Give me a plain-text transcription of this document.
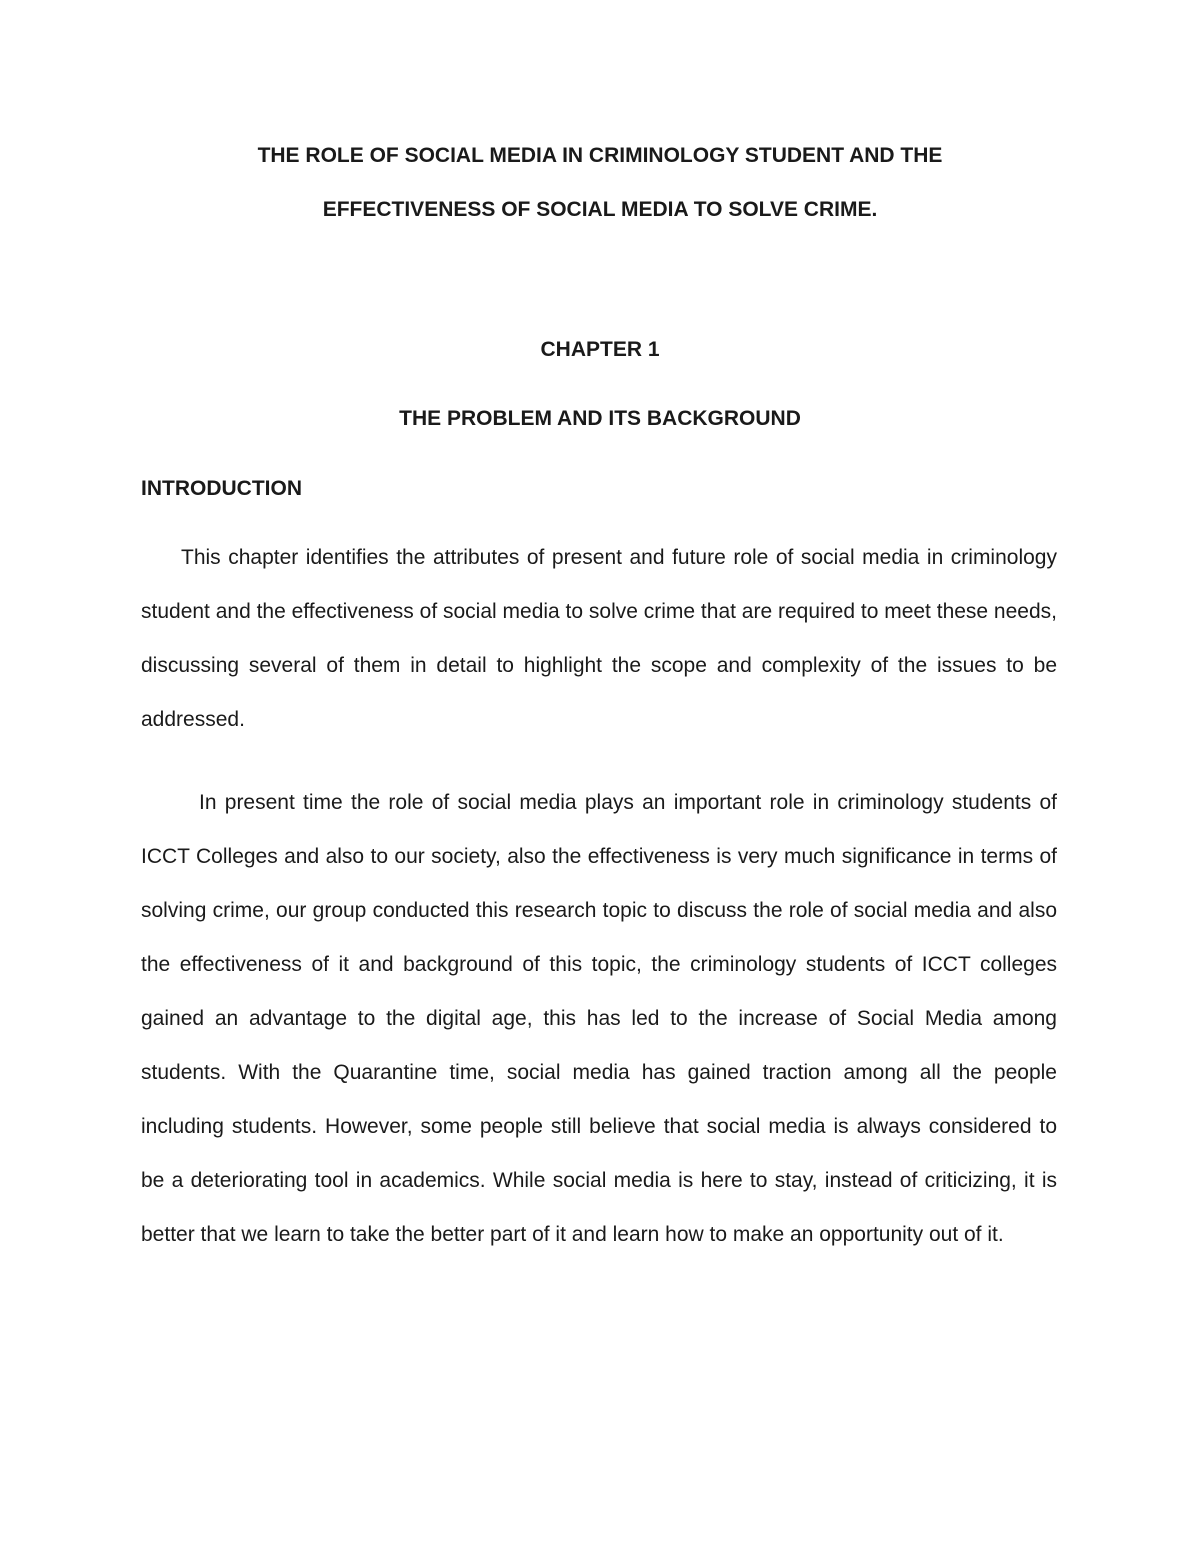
THE ROLE OF SOCIAL MEDIA IN CRIMINOLOGY STUDENT AND THE

EFFECTIVENESS OF SOCIAL MEDIA TO SOLVE CRIME.

CHAPTER 1

THE PROBLEM AND ITS BACKGROUND

INTRODUCTION

This chapter identifies the attributes of present and future role of social media in criminology student and the effectiveness of social media to solve crime that are required to meet these needs, discussing several of them in detail to highlight the scope and complexity of the issues to be addressed.

In present time the role of social media plays an important role in criminology students of ICCT Colleges and also to our society, also the effectiveness is very much significance in terms of solving crime, our group conducted this research topic to discuss the role of social media and also the effectiveness of it and background of this topic, the criminology students of ICCT colleges gained an advantage to the digital age, this has led to the increase of Social Media among students. With the Quarantine time, social media has gained traction among all the people including students. However, some people still believe that social media is always considered to be a deteriorating tool in academics. While social media is here to stay, instead of criticizing, it is better that we learn to take the better part of it and learn how to make an opportunity out of it.
